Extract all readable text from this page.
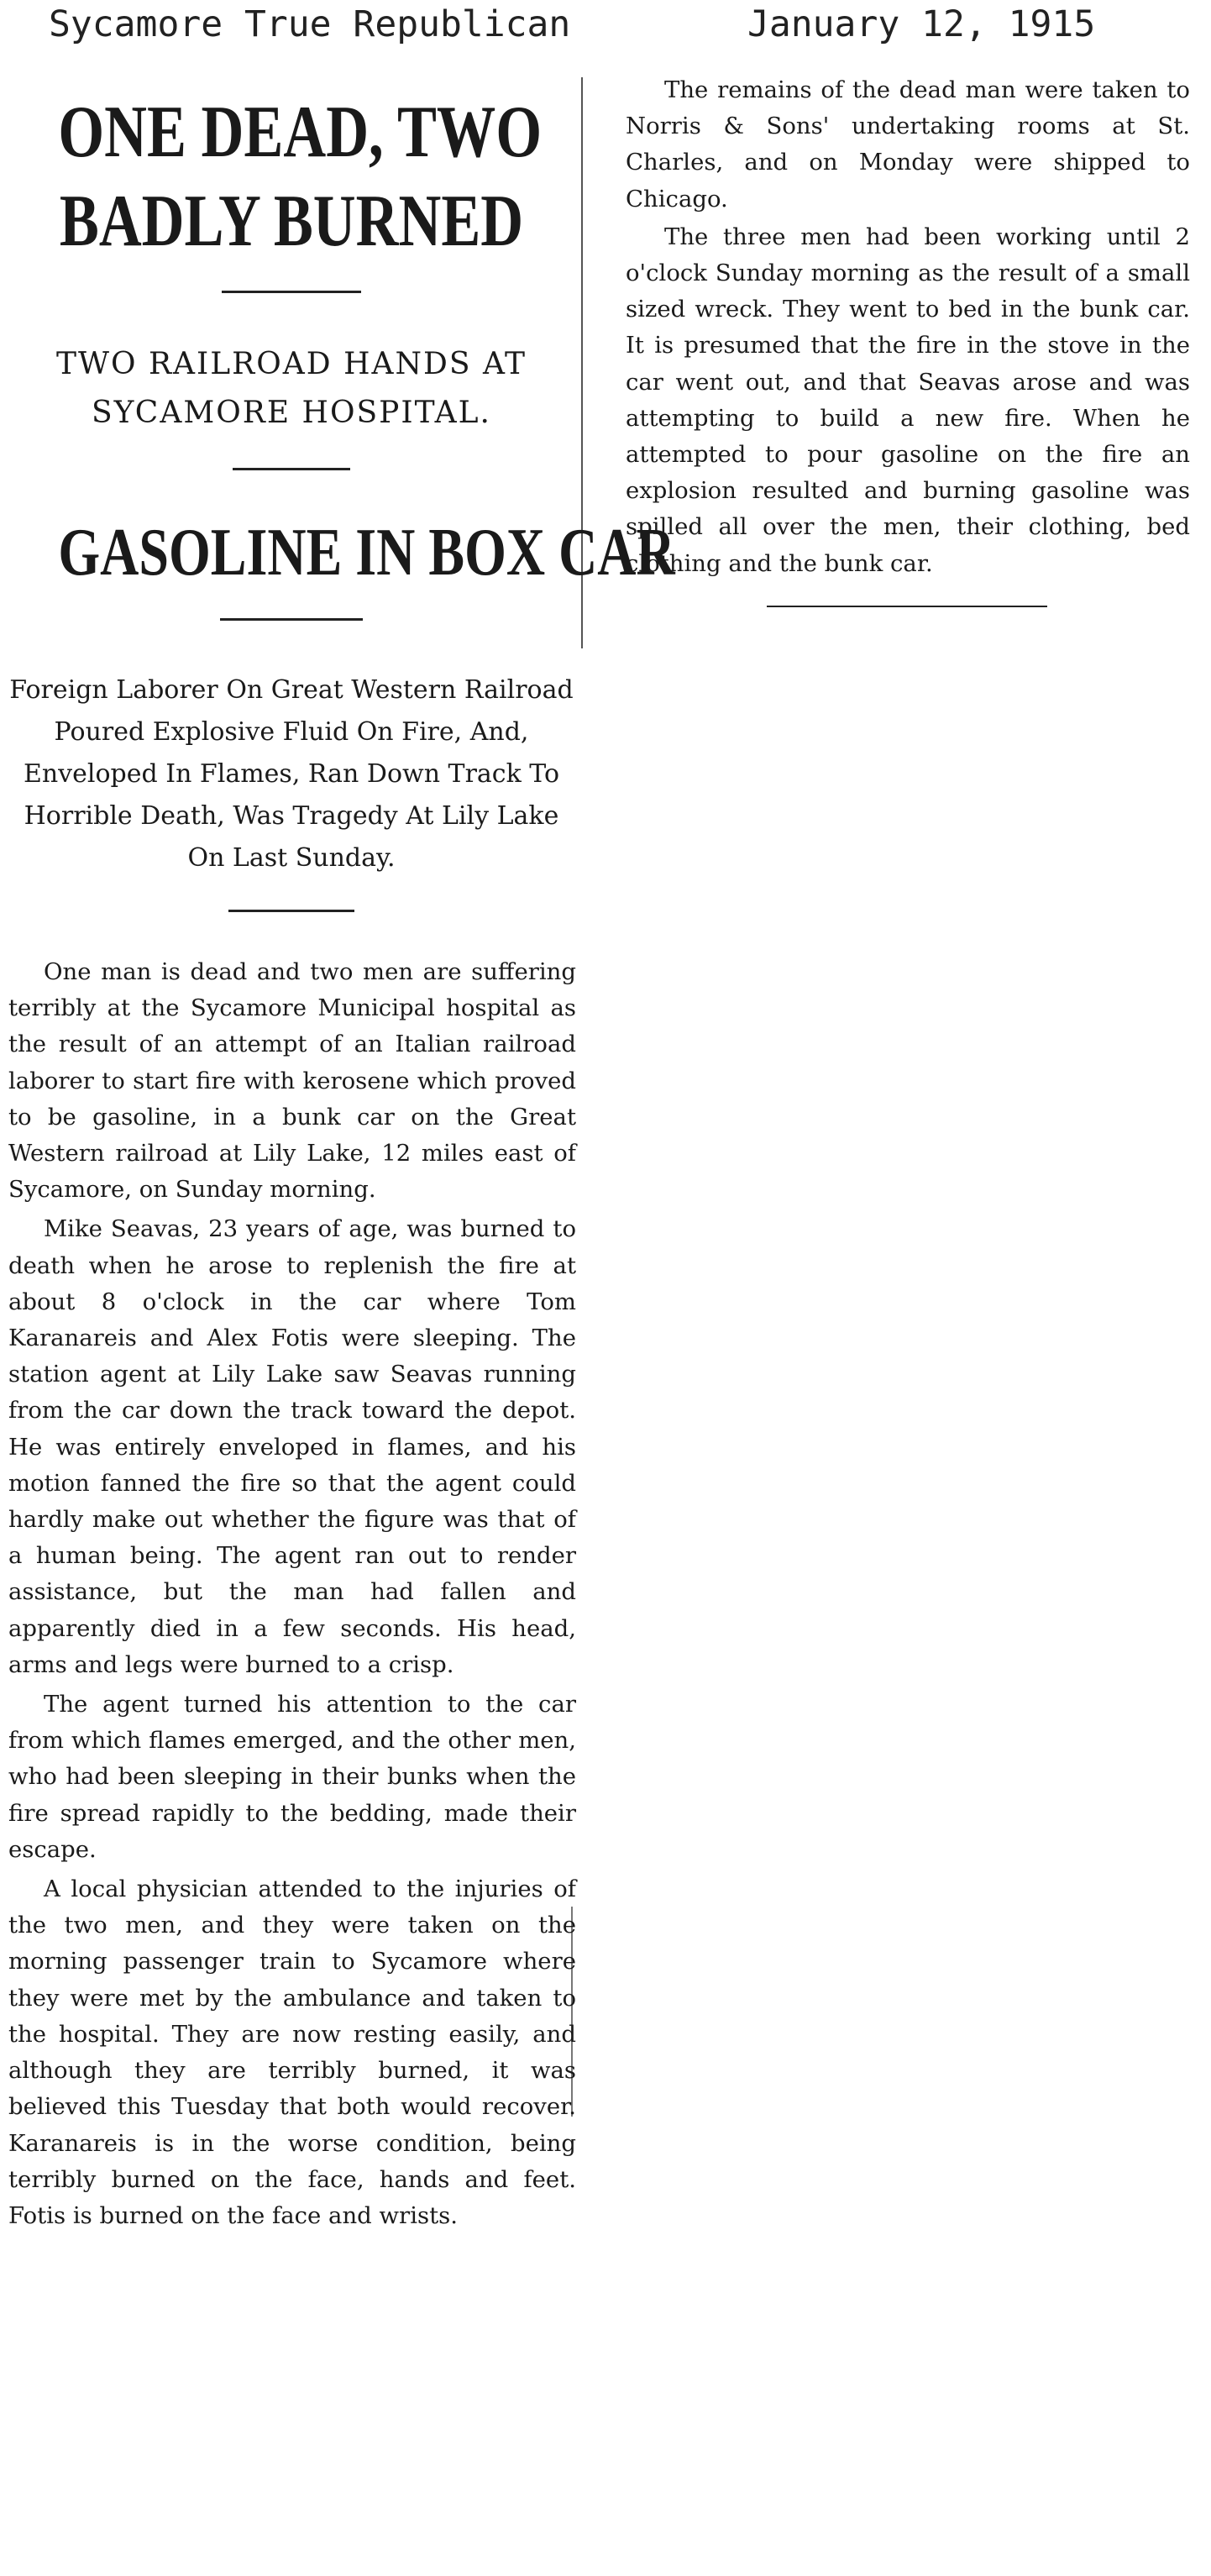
Sycamore True Republican	January 12, 1915
ONE DEAD, TWO
BADLY BURNED
TWO RAILROAD HANDS AT
SYCAMORE HOSPITAL.
GASOLINE IN BOX CAR
Foreign Laborer On Great Western Railroad Poured Explosive Fluid On Fire, And, Enveloped In Flames, Ran Down Track To Horrible Death, Was Tragedy At Lily Lake On Last Sunday.

One man is dead and two men are suffering terribly at the Sycamore Municipal hospital as the result of an attempt of an Italian railroad laborer to start fire with kerosene which proved to be gasoline, in a bunk car on the Great Western railroad at Lily Lake, 12 miles east of Sycamore, on Sunday morning.

Mike Seavas, 23 years of age, was burned to death when he arose to replenish the fire at about 8 o'clock in the car where Tom Karanareis and Alex Fotis were sleeping. The station agent at Lily Lake saw Seavas running from the car down the track toward the depot. He was entirely enveloped in flames, and his motion fanned the fire so that the agent could hardly make out whether the figure was that of a human being. The agent ran out to render assistance, but the man had fallen and apparently died in a few seconds. His head, arms and legs were burned to a crisp.

The agent turned his attention to the car from which flames emerged, and the other men, who had been sleeping in their bunks when the fire spread rapidly to the bedding, made their escape.

A local physician attended to the injuries of the two men, and they were taken on the morning passenger train to Sycamore where they were met by the ambulance and taken to the hospital. They are now resting easily, and although they are terribly burned, it was believed this Tuesday that both would recover. Karanareis is in the worse condition, being terribly burned on the face, hands and feet. Fotis is burned on the face and wrists.

The remains of the dead man were taken to Norris & Sons' undertaking rooms at St. Charles, and on Monday were shipped to Chicago.

The three men had been working until 2 o'clock Sunday morning as the result of a small sized wreck. They went to bed in the bunk car. It is presumed that the fire in the stove in the car went out, and that Seavas arose and was attempting to build a new fire. When he attempted to pour gasoline on the fire an explosion resulted and burning gasoline was spilled all over the men, their clothing, bed clothing and the bunk car.
